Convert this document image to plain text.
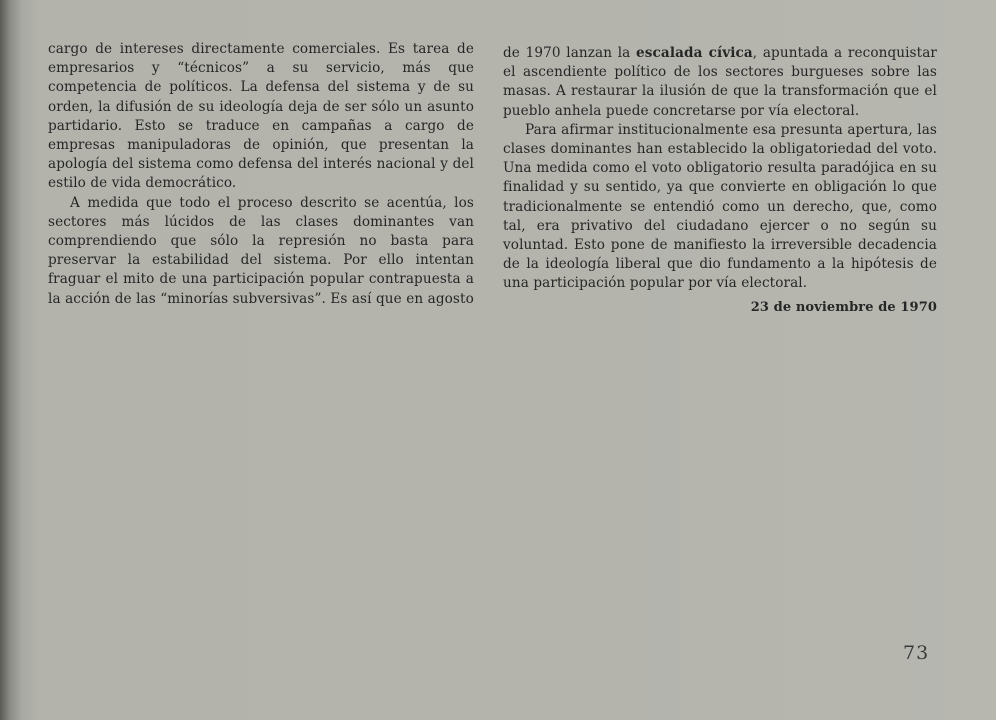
cargo de intereses directamente comerciales. Es tarea de empresarios y “técnicos” a su servicio, más que competencia de políticos. La defensa del sistema y de su orden, la difusión de su ideología deja de ser sólo un asunto partidario. Esto se traduce en campañas a cargo de empresas manipuladoras de opinión, que presentan la apología del sistema como defensa del interés nacional y del estilo de vida democrático.

A medida que todo el proceso descrito se acentúa, los sectores más lúcidos de las clases dominantes van comprendiendo que sólo la represión no basta para preservar la estabilidad del sistema. Por ello intentan fraguar el mito de una participación popular contrapuesta a la acción de las “minorías subversivas”. Es así que en agosto

de 1970 lanzan la escalada cívica, apuntada a reconquistar el ascendiente político de los sectores burgueses sobre las masas. A restaurar la ilusión de que la transformación que el pueblo anhela puede concretarse por vía electoral.

Para afirmar institucionalmente esa presunta apertura, las clases dominantes han establecido la obligatoriedad del voto. Una medida como el voto obligatorio resulta paradójica en su finalidad y su sentido, ya que convierte en obligación lo que tradicionalmente se entendió como un derecho, que, como tal, era privativo del ciudadano ejercer o no según su voluntad. Esto pone de manifiesto la irreversible decadencia de la ideología liberal que dio fundamento a la hipótesis de una participación popular por vía electoral.

23 de noviembre de 1970

73
